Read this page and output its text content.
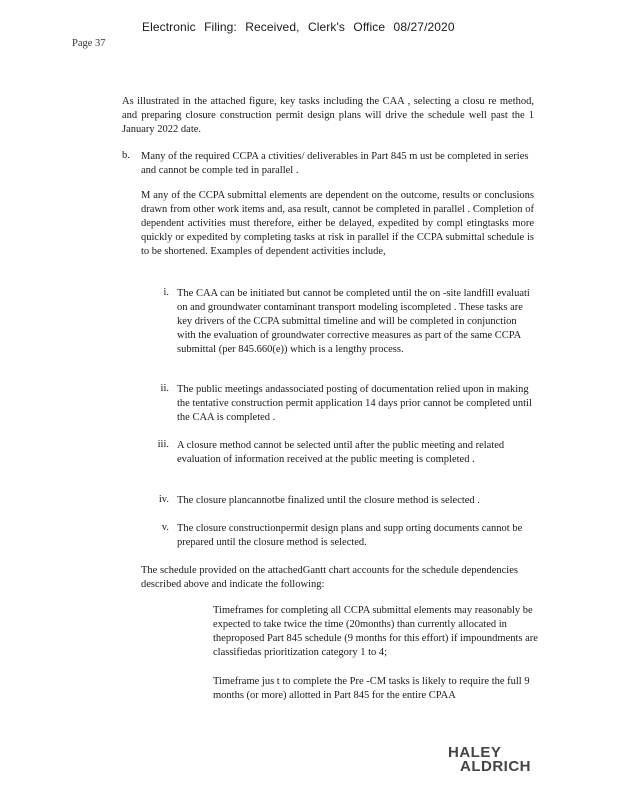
Electronic Filing: Received, Clerk's Office 08/27/2020
Page 37
As illustrated in the attached figure, key tasks including the CAA , selecting a closu re method, and preparing closure construction permit design plans will drive the schedule well past the 1 January 2022 date.
b. Many of the required CCPA a ctivities/ deliverables in Part 845 m ust be completed in series and cannot be comple ted in parallel .
M any of the CCPA submittal elements are dependent on the outcome, results or conclusions drawn from other work items and, asa result, cannot be completed in parallel . Completion of dependent activities must therefore, either be delayed, expedited by compl etingtasks more quickly or expedited by completing tasks at risk in parallel if the CCPA submittal schedule is to be shortened. Examples of dependent activities include,
i. The CAA can be initiated but cannot be completed until the on -site landfill evaluati on and groundwater contaminant transport modeling iscompleted . These tasks are key drivers of the CCPA submittal timeline and will be completed in conjunction with the evaluation of groundwater corrective measures as part of the same CCPA submittal (per 845.660(e)) which is a lengthy process.
ii. The public meetings andassociated posting of documentation relied upon in making the tentative construction permit application 14 days prior cannot be completed until the CAA is completed .
iii. A closure method cannot be selected until after the public meeting and related evaluation of information received at the public meeting is completed .
iv. The closure plancannotbe finalized until the closure method is selected .
v. The closure constructionpermit design plans and supp orting documents cannot be prepared until the closure method is selected.
The schedule provided on the attachedGantt chart accounts for the schedule dependencies described above and indicate the following:
Timeframes for completing all CCPA submittal elements may reasonably be expected to take twice the time (20months) than currently allocated in theproposed Part 845 schedule (9 months for this effort) if impoundments are classifiedas prioritization category 1 to 4;
Timeframe jus t to complete the Pre -CM tasks is likely to require the full 9 months (or more) allotted in Part 845 for the entire CPAA
HALEY
ALDRICH
